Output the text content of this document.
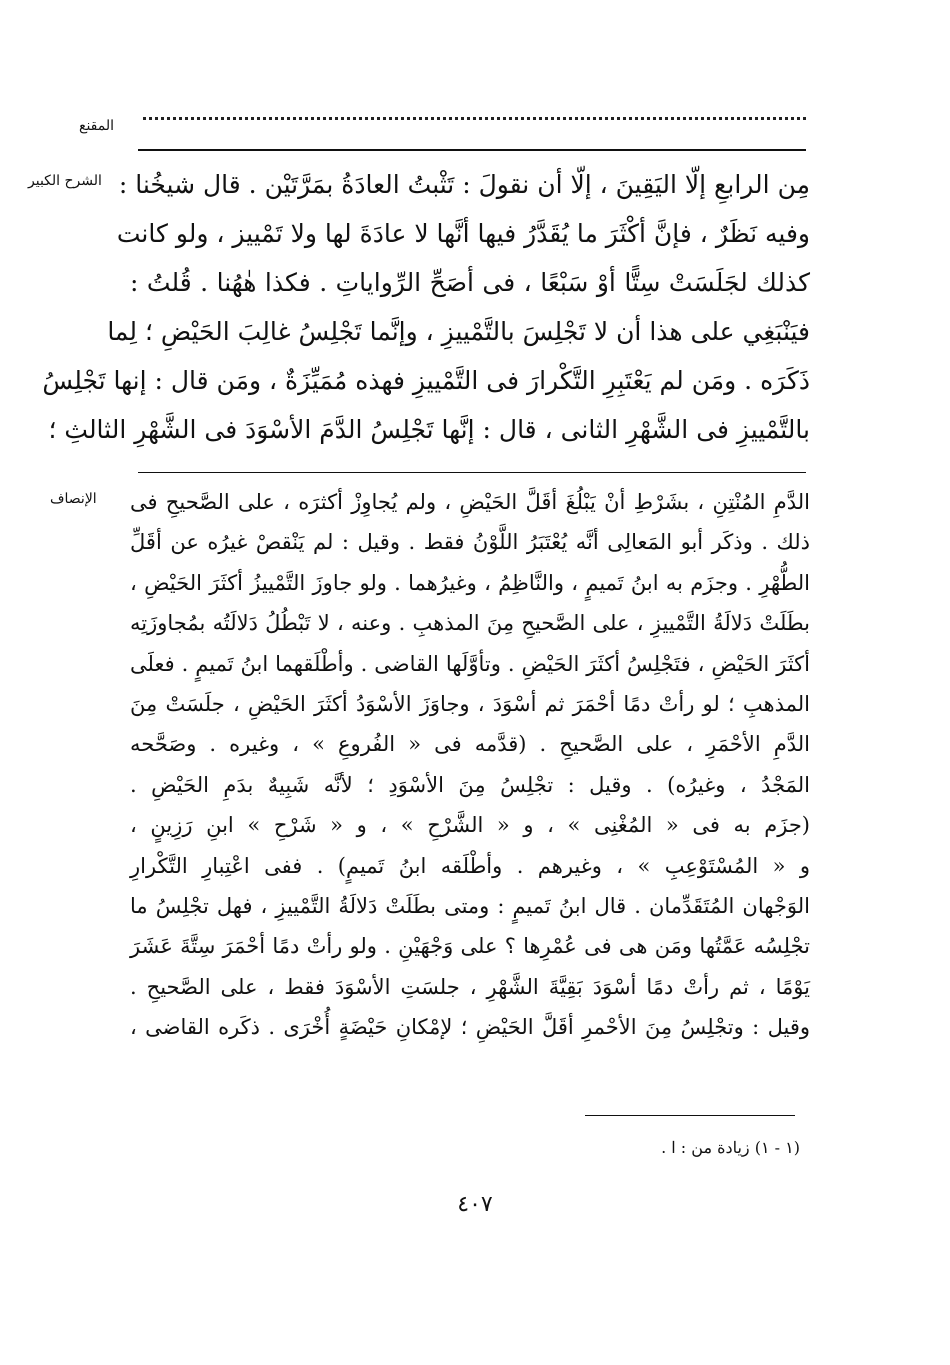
المقنع
الشرح الكبير
الإنصاف
مِن الرابعِ إلّا اليَقِينَ ، إلّا أن نقولَ : تَثْبتُ العادَةُ بمَرَّتَيْن . قال شيخُنا :
وفيه نَظَرٌ ، فإنَّ أكْثَرَ ما يُقَدَّرُ فيها أنَّها لا عادَةَ لها ولا تَمْييز ، ولو كانت
كذلك لجَلَسَتْ سِتًّا أوْ سَبْعًا ، فى أصَحِّ الرِّواياتِ . فكذا هٰهُنا . قُلتُ :
فيَنْبَغِي على هذا أن لا تَجْلِسَ بالتَّمْييزِ ، وإنَّما تَجْلِسُ غالِبَ الحَيْضِ ؛ لِما
ذَكَرَه . ومَن لم يَعْتَبِرِ التَّكْرارَ فى التَّمْييزِ فهذه مُمَيِّزَةٌ ، ومَن قال : إنها تَجْلِسُ
بالتَّمْييزِ فى الشَّهْرِ الثانى ، قال : إنَّها تَجْلِسُ الدَّمَ الأسْوَدَ فى الشَّهْرِ الثالثِ ؛
الدَّمِ المُنْتِنِ ، بشَرْطِ أنْ يَبْلُغَ أقَلَّ الحَيْضِ ، ولم يُجاوِزْ أكثرَه ، على الصَّحيحِ فى
ذلك . وذكَر أبو المَعالِى أنَّه يُعْتَبَرُ اللَّوْنُ فقط . وقيل : لم يَنْقصْ غيرُه عن أقَلِّ
الطُّهْرِ . وجزَم به ابنُ تَميمٍ ، والنَّاظِمُ ، وغيرُهما . ولو جاوزَ التَّمْييزُ أكثَرَ الحَيْضِ ،
بطَلَتْ دَلالَةُ التَّمْييزِ ، على الصَّحيحِ مِنَ المذهبِ . وعنه ، لا تَبْطُلُ دَلالَتُه بمُجاوزَتِه
أكثَرَ الحَيْضِ ، فتَجْلِسُ أكثَرَ الحَيْضِ . وتأوَّلَها القاضى . وأطْلَقهما ابنُ تَميمٍ . فعلَى
المذهبِ ؛ لو رأتْ دمًا أحْمَرَ ثم أسْوَدَ ، وجاوَزَ الأسْوَدُ أكثَرَ الحَيْضِ ، جلَسَتْ مِنَ
الدَّمِ الأحْمَرِ ، على الصَّحيحِ . (قدَّمه فى « الفُروعِ » ، وغيره . وصَحَّحه
المَجْدُ ، وغيرُه) . وقيل : تجْلِسُ مِنَ الأسْوَدِ ؛ لأنَّه شَبِيهٌ بدَمِ الحَيْضِ .
(جزَم به فى « المُغْنِى » ، و « الشَّرْحِ » ، و « شَرْحِ » ابنِ رَزِينٍ ،
و « المُسْتَوْعِبِ » ، وغيرهم . وأطْلَقه ابنُ تَميمٍ) . ففى اعْتِبارِ التَّكْرارِ
الوَجْهان المُتَقَدِّمان . قال ابنُ تَميمٍ : ومتى بطَلَتْ دَلالَةُ التَّمْييزِ ، فهل تجْلِسُ ما
تجْلِسُه عَمَّتُها ومَن هى فى عُمْرِها ؟ على وَجْهَيْنِ . ولو رأتْ دمًا أحْمَرَ سِتَّةَ عَشَرَ
يَوْمًا ، ثم رأتْ دمًا أسْوَدَ بَقِيَّةَ الشَّهْرِ ، جلسَتِ الأسْوَدَ فقط ، على الصَّحيحِ .
وقيل : وتجْلِسُ مِنَ الأحْمرِ أقَلَّ الحَيْضِ ؛ لإمْكانِ حَيْضَةٍ أُخْرَى . ذكَره القاضى ،
(١ - ١) زيادة من : ا .
٤٠٧
